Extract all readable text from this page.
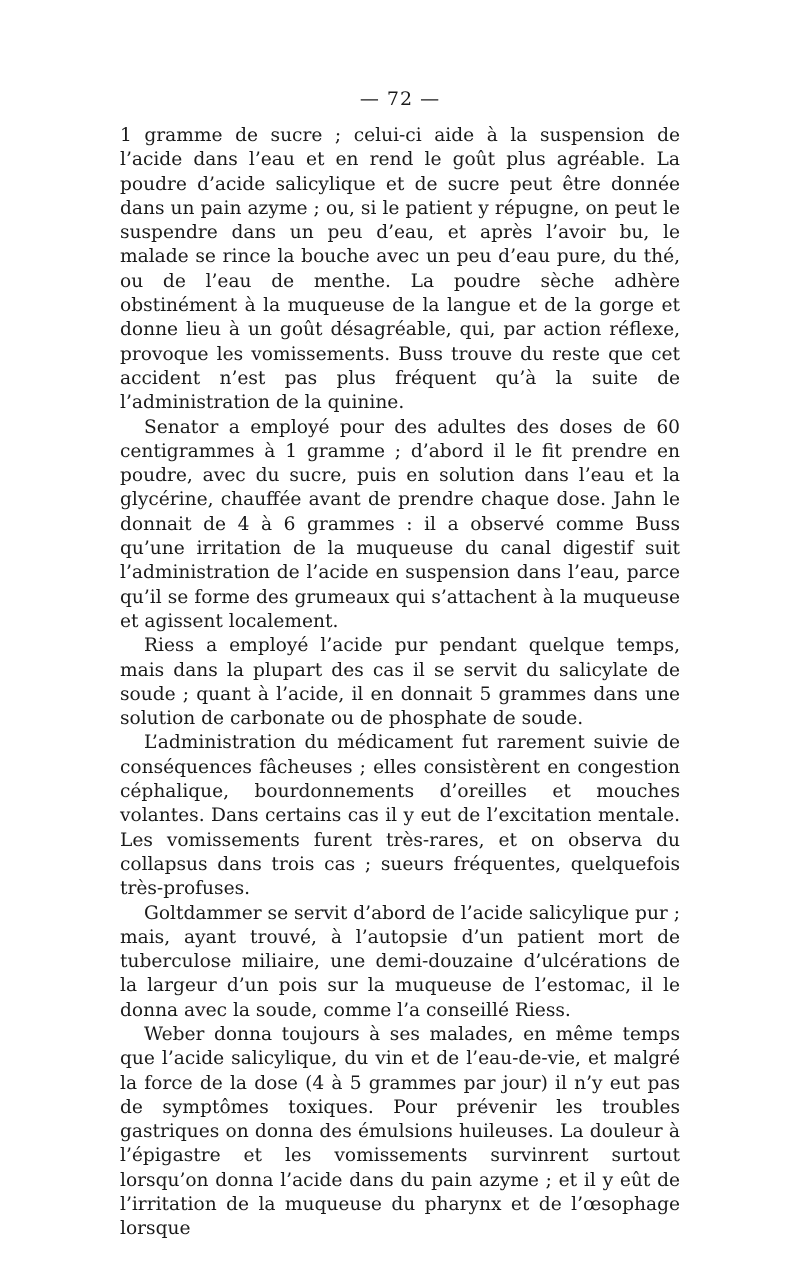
— 72 —

1 gramme de sucre ; celui-ci aide à la suspension de l’acide dans l’eau et en rend le goût plus agréable. La poudre d’acide salicylique et de sucre peut être donnée dans un pain azyme ; ou, si le patient y répugne, on peut le suspendre dans un peu d’eau, et après l’avoir bu, le malade se rince la bouche avec un peu d’eau pure, du thé, ou de l’eau de menthe. La poudre sèche adhère obstinément à la muqueuse de la langue et de la gorge et donne lieu à un goût désagréable, qui, par action réflexe, provoque les vomissements. Buss trouve du reste que cet accident n’est pas plus fréquent qu’à la suite de l’administration de la quinine.

Senator a employé pour des adultes des doses de 60 centigrammes à 1 gramme ; d’abord il le fit prendre en poudre, avec du sucre, puis en solution dans l’eau et la glycérine, chauffée avant de prendre chaque dose. Jahn le donnait de 4 à 6 grammes : il a observé comme Buss qu’une irritation de la muqueuse du canal digestif suit l’administration de l’acide en suspension dans l’eau, parce qu’il se forme des grumeaux qui s’attachent à la muqueuse et agissent localement.

Riess a employé l’acide pur pendant quelque temps, mais dans la plupart des cas il se servit du salicylate de soude ; quant à l’acide, il en donnait 5 grammes dans une solution de carbonate ou de phosphate de soude.

L’administration du médicament fut rarement suivie de conséquences fâcheuses ; elles consistèrent en congestion céphalique, bourdonnements d’oreilles et mouches volantes. Dans certains cas il y eut de l’excitation mentale. Les vomissements furent très-rares, et on observa du collapsus dans trois cas ; sueurs fréquentes, quelquefois très-profuses.

Goltdammer se servit d’abord de l’acide salicylique pur ; mais, ayant trouvé, à l’autopsie d’un patient mort de tuberculose miliaire, une demi-douzaine d’ulcérations de la largeur d’un pois sur la muqueuse de l’estomac, il le donna avec la soude, comme l’a conseillé Riess.

Weber donna toujours à ses malades, en même temps que l’acide salicylique, du vin et de l’eau-de-vie, et malgré la force de la dose (4 à 5 grammes par jour) il n’y eut pas de symptômes toxiques. Pour prévenir les troubles gastriques on donna des émulsions huileuses. La douleur à l’épigastre et les vomissements survinrent surtout lorsqu’on donna l’acide dans du pain azyme ; et il y eût de l’irritation de la muqueuse du pharynx et de l’œsophage lorsque
